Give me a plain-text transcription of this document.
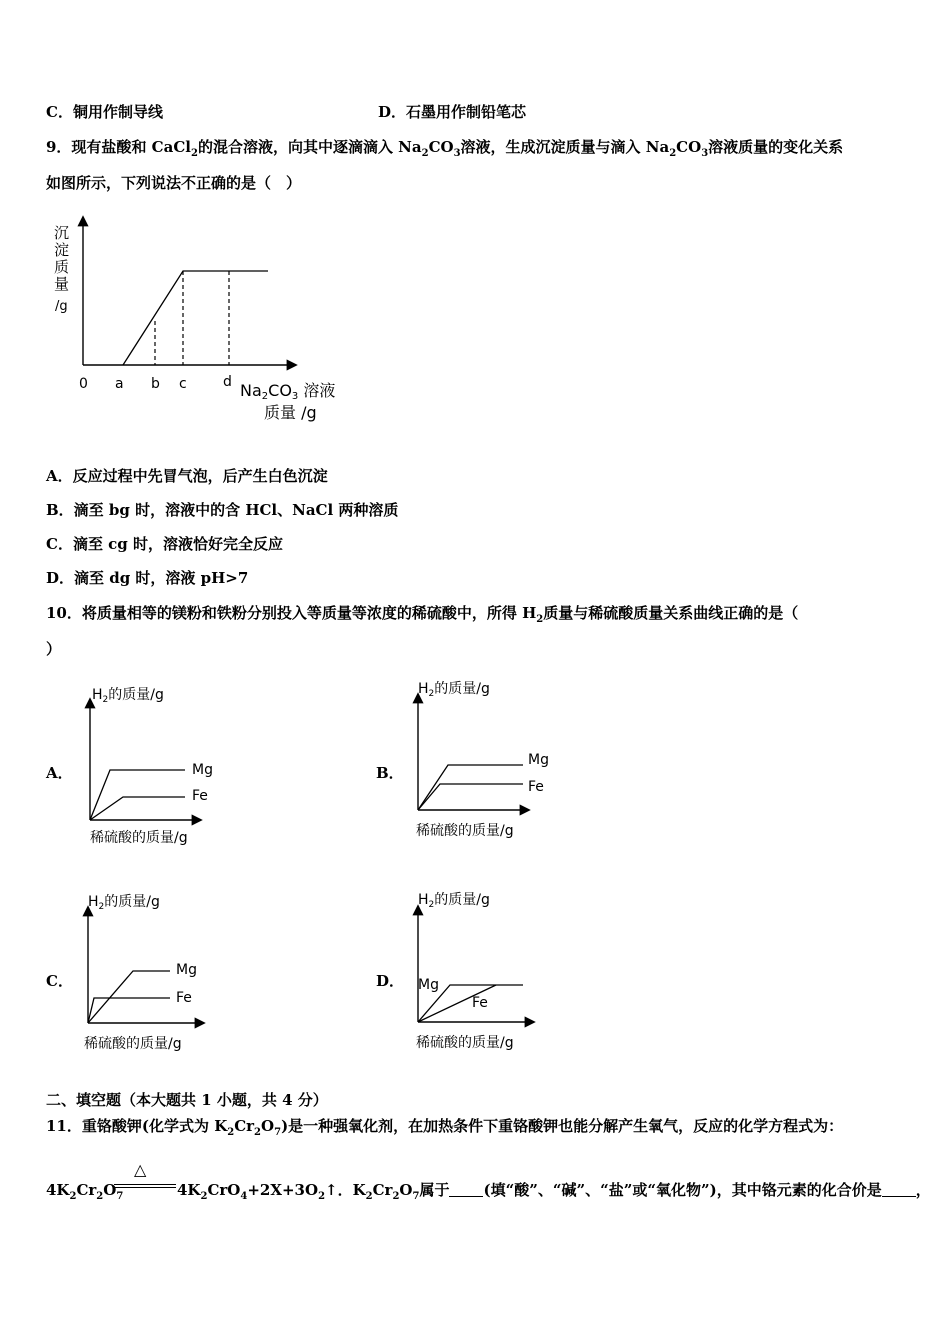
C．铜用作制导线	D．石墨用作制铅笔芯
9．现有盐酸和 CaCl$_2$的混合溶液，向其中逐滴滴入 $Na_2CO_3$溶液，生成沉淀质量与滴入 $Na_2CO_3$溶液质量的变化关系
如图所示，下列说法不正确的是（　）
沉
淀
质
量
/g
0 a b c	d Na2CO3 溶液
质量 /g
A．反应过程中先冒气泡，后产生白色沉淀
B．滴至 bg 时，溶液中的含 HCl、NaCl 两种溶质
C．滴至 cg 时，溶液恰好完全反应
D．滴至 dg 时，溶液 pH>7
10．将质量相等的镁粉和铁粉分别投入等质量等浓度的稀硫酸中，所得 $H_2$质量与稀硫酸质量关系曲线正确的是（
）
A．
$H_2$的质量/g
Mg
Fe
稀硫酸的质量/g
B．
$H_2$的质量/g
Mg
Fe
稀硫酸的质量/g
C．
$H_2$的质量/g
Mg
Fe
稀硫酸的质量/g
D．
$H_2$的质量/g
Mg
Fe
稀硫酸的质量/g
二、填空题（本大题共 1 小题，共 4 分）
11．重铬酸钾(化学式为 $K_2Cr_2O_7$)是一种强氧化剂，在加热条件下重铬酸钾也能分解产生氧气，反应的化学方程式为：
$4K_2Cr_2O_7$
△
$4K_2CrO_4+2X+3O_2↑$．$K_2Cr_2O_7$属于 (填“酸”、“碱”、“盐”或“氧化物”)，其中铬元素的化合价是 ，
